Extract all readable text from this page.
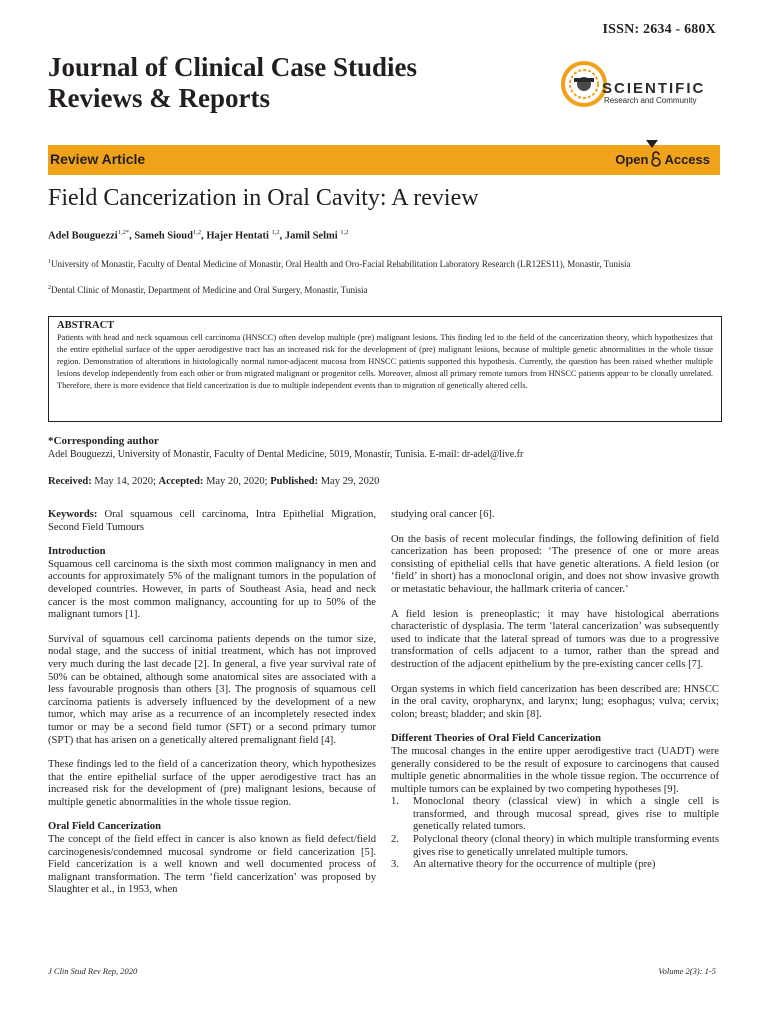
ISSN: 2634 - 680X
Journal of Clinical Case Studies
Reviews & Reports	SCIENTIFIC
Research and Community
Review Article	Open Access
Field Cancerization in Oral Cavity: A review
Adel Bouguezzi$^{1,2*}$, Sameh Sioud$^{1,2}$, Hajer Hentati $^{1,2}$, Jamil Selmi $^{1,2}$
$^1$University of Monastir, Faculty of Dental Medicine of Monastir, Oral Health and Oro-Facial Rehabilitation Laboratory Research (LR12ES11), Monastir, Tunisia
$^2$Dental Clinic of Monastir, Department of Medicine and Oral Surgery, Monastir, Tunisia
ABSTRACT
Patients with head and neck squamous cell carcinoma (HNSCC) often develop multiple (pre) malignant lesions. This finding led to the field of the cancerization theory, which hypothesizes that the entire epithelial surface of the upper aerodigestive tract has an increased risk for the development of (pre) malignant lesions, because of multiple genetic abnormalities in the whole tissue region. Demonstration of alterations in histologically normal tumor-adjacent mucosa from HNSCC patients supported this hypothesis. Currently, the question has been raised whether multiple lesions develop independently from each other or from migrated malignant or progenitor cells. Moreover, almost all primary remote tumors from HNSCC patients appear to be clonally unrelated. Therefore, there is more evidence that field cancerization is due to multiple independent events than to migration of genetically altered cells.
*Corresponding author
Adel Bouguezzi, University of Monastir, Faculty of Dental Medicine, 5019, Monastir, Tunisia. E-mail: dr-adel@live.fr
Received: May 14, 2020; Accepted: May 20, 2020; Published: May 29, 2020

Keywords: Oral squamous cell carcinoma, Intra Epithelial Migration, Second Field Tumours

Introduction

Squamous cell carcinoma is the sixth most common malignancy in men and accounts for approximately 5% of the malignant tumors in the population of developed countries. However, in parts of Southeast Asia, head and neck cancer is the most common malignancy, accounting for up to 50% of the malignant tumors [1].

Survival of squamous cell carcinoma patients depends on the tumor size, nodal stage, and the success of initial treatment, which has not improved very much during the last decade [2]. In general, a five year survival rate of 50% can be obtained, although some anatomical sites are associated with a less favourable prognosis than others [3]. The prognosis of squamous cell carcinoma patients is adversely influenced by the development of a new tumor, which may arise as a recurrence of an incompletely resected index tumor or may be a second field tumor (SFT) or a second primary tumor (SPT) that has arisen on a genetically altered premalignant field [4].

These findings led to the field of a cancerization theory, which hypothesizes that the entire epithelial surface of the upper aerodigestive tract has an increased risk for the development of (pre) malignant lesions, because of multiple genetic abnormalities in the whole tissue region.

Oral Field Cancerization

The concept of the field effect in cancer is also known as field defect/field carcinogenesis/condemned mucosal syndrome or field cancerization [5]. Field cancerization is a well known and well documented process of malignant transformation. The term ‘field cancerization’ was proposed by Slaughter et al., in 1953, when

studying oral cancer [6].

On the basis of recent molecular findings, the following definition of field cancerization has been proposed: ‘The presence of one or more areas consisting of epithelial cells that have genetic alterations. A field lesion (or ‘field’ in short) has a monoclonal origin, and does not show invasive growth or metastatic behaviour, the hallmark criteria of cancer.’

A field lesion is preneoplastic; it may have histological aberrations characteristic of dysplasia. The term ‘lateral cancerization’ was subsequently used to indicate that the lateral spread of tumors was due to a progressive transformation of cells adjacent to a tumor, rather than the spread and destruction of the adjacent epithelium by the pre-existing cancer cells [7].

Organ systems in which field cancerization has been described are: HNSCC in the oral cavity, oropharynx, and larynx; lung; esophagus; vulva; cervix; colon; breast; bladder; and skin [8].

Different Theories of Oral Field Cancerization

The mucosal changes in the entire upper aerodigestive tract (UADT) were generally considered to be the result of exposure to carcinogens that caused multiple genetic abnormalities in the whole tissue region. The occurrence of multiple tumors can be explained by two competing hypotheses [9].

1. Monoclonal theory (classical view) in which a single cell is transformed, and through mucosal spread, gives rise to multiple genetically related tumors.
2. Polyclonal theory (clonal theory) in which multiple transforming events gives rise to genetically unrelated multiple tumors.
3. An alternative theory for the occurrence of multiple (pre)
J Clin Stud Rev Rep, 2020	Volume 2(3): 1-5
